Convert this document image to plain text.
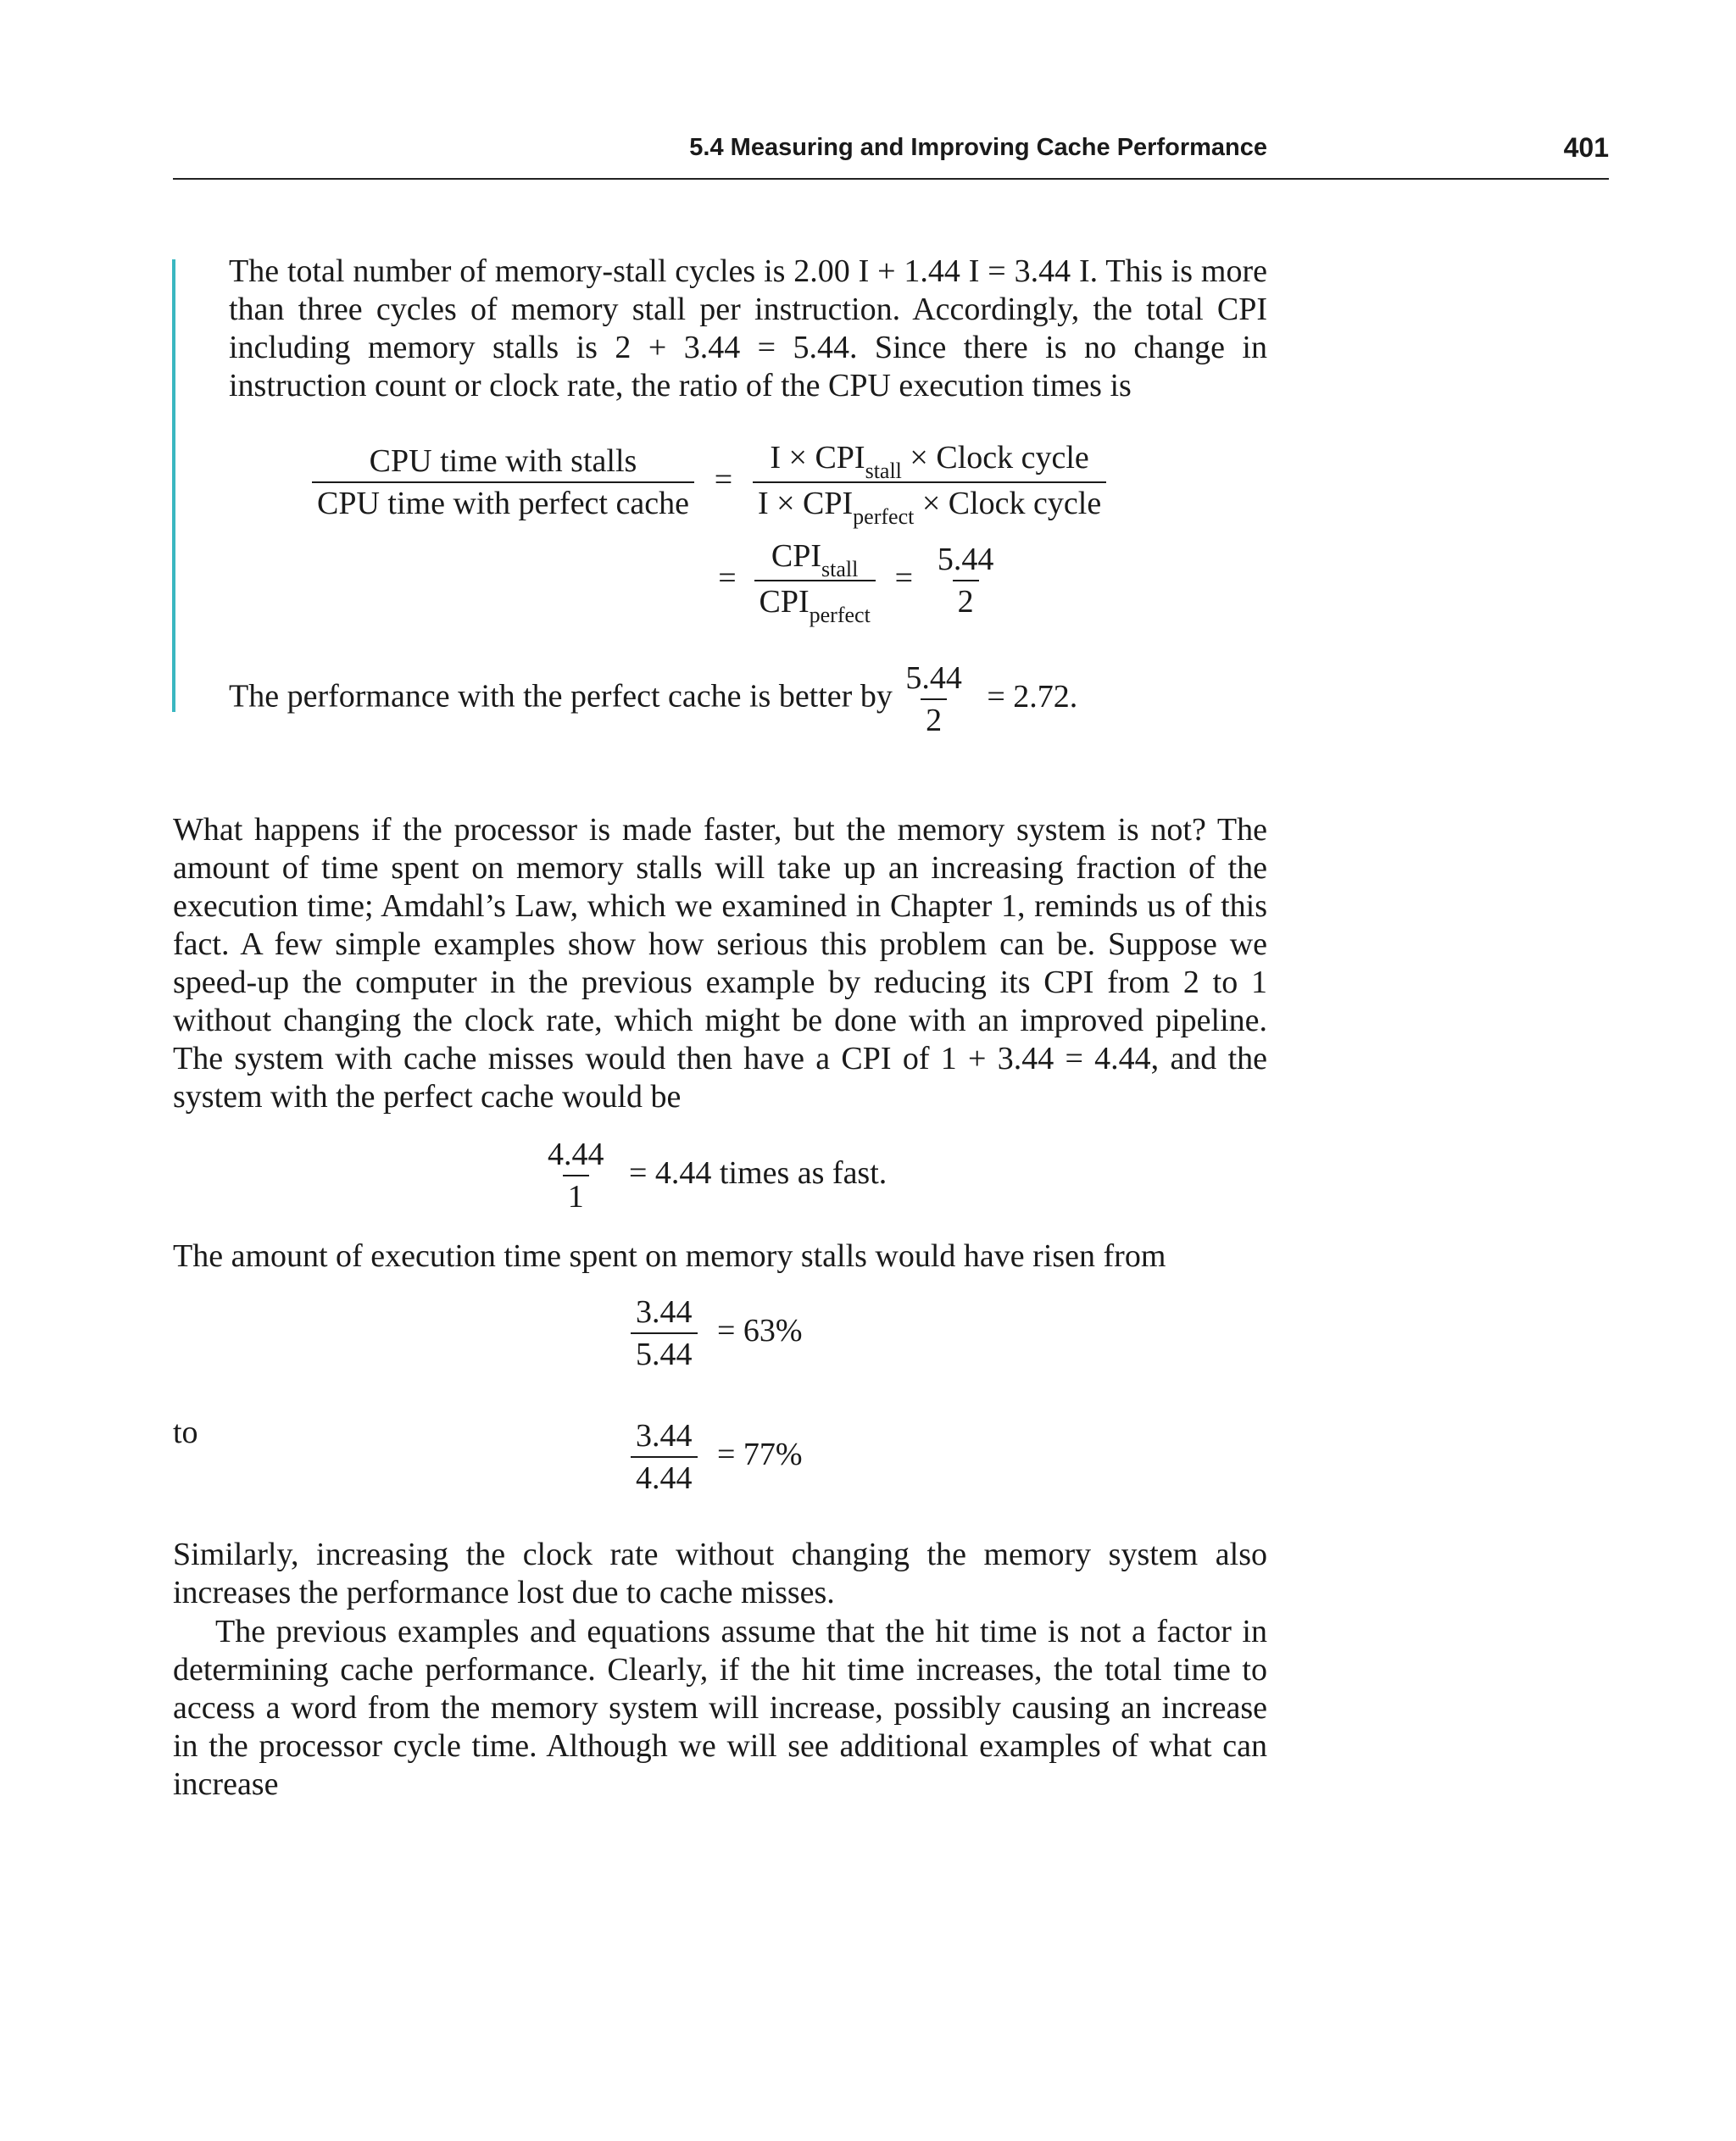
5.4 Measuring and Improving Cache Performance	401
The total number of memory-stall cycles is 2.00 I + 1.44 I = 3.44 I. This is more than three cycles of memory stall per instruction. Accordingly, the total CPI including memory stalls is 2 + 3.44 = 5.44. Since there is no change in instruction count or clock rate, the ratio of the CPU execution times is
$\frac{\text{CPU time with stalls}}{\text{CPU time with perfect cache}} = \frac{I \times CPI_{stall} \times Clock cycle}{I \times CPI_{perfect} \times Clock cycle}$
= $\frac{CPI_{stall}}{CPI_{perfect}} = \frac{5.44}{2}$
The performance with the perfect cache is better by $\frac{5.44}{2} = 2.72$.
What happens if the processor is made faster, but the memory system is not? The amount of time spent on memory stalls will take up an increasing fraction of the execution time; Amdahl’s Law, which we examined in Chapter 1, reminds us of this fact. A few simple examples show how serious this problem can be. Suppose we speed-up the computer in the previous example by reducing its CPI from 2 to 1 without changing the clock rate, which might be done with an improved pipeline. The system with cache misses would then have a CPI of 1 + 3.44 = 4.44, and the system with the perfect cache would be
$\frac{4.44}{1} = 4.44$ times as fast.
The amount of execution time spent on memory stalls would have risen from
$\frac{3.44}{5.44} = 63\%$
to	$\frac{3.44}{4.44} = 77\%$
Similarly, increasing the clock rate without changing the memory system also increases the performance lost due to cache misses.
The previous examples and equations assume that the hit time is not a factor in determining cache performance. Clearly, if the hit time increases, the total time to access a word from the memory system will increase, possibly causing an increase in the processor cycle time. Although we will see additional examples of what can increase
